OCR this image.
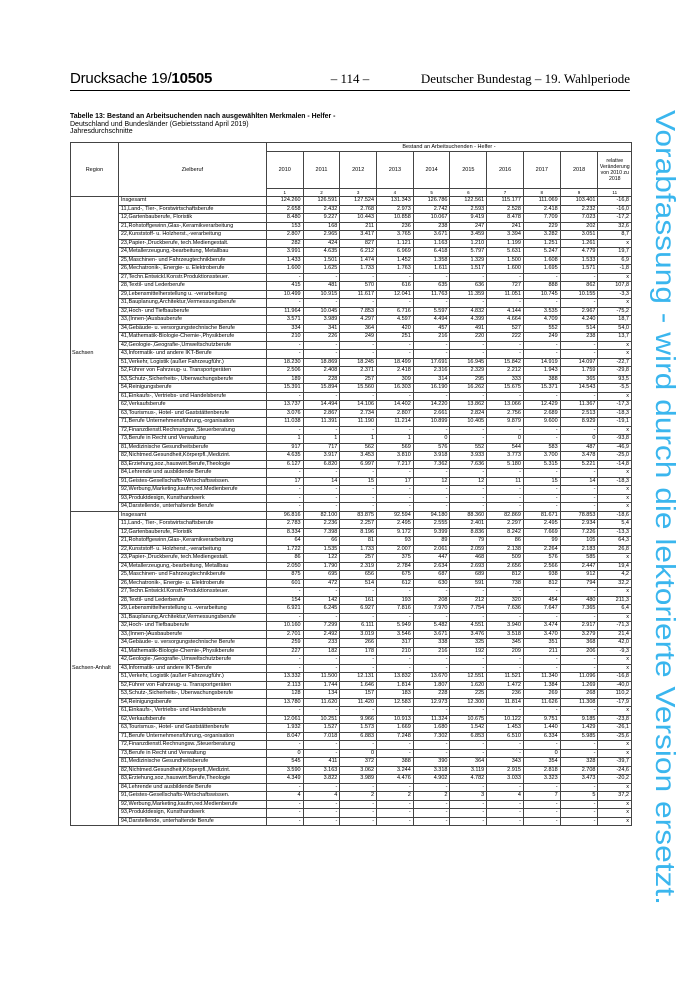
Drucksache 19/10505	– 114 –	Deutscher Bundestag – 19. Wahlperiode
Vorabfassung - wird durch die lektorierte Version ersetzt.
Tabelle 13: Bestand an Arbeitsuchenden nach ausgewählten Merkmalen - Helfer -
Deutschland und Bundesländer (Gebietsstand April 2019)
Jahresdurchschnitte
Region	Zielberuf	Bestand an Arbeitsuchenden - Helfer -									
		2010	2011	2012	2013	2014	2015	2016	2017	2018	relative Veränderung von 2010 zu 2018
		1	2	3	4	5	6	7	8	9	11
Sachsen	Insgesamt	124.260	126.591	127.524	131.343	126.786	122.561	115.177	111.069	103.401	-16,8
	11,Land-, Tier-, Forstwirtschaftsberufe	2.658	2.432	2.768	2.973	2.742	2.593	2.528	2.418	2.232	-16,0
	12,Gartenbauberufe, Floristik	8.480	9.227	10.443	10.858	10.067	9.419	8.478	7.709	7.023	-17,2
	21,Rohstoffgewinn,Glas-,Keramikverarbeitung	153	168	211	236	238	247	241	229	202	32,6
	22,Kunststoff- u. Holzherst.,-verarbeitung	2.807	2.965	3.417	3.765	3.671	3.459	3.394	3.282	3.051	8,7
	23,Papier-,Druckberufe, tech.Mediengestalt.	282	424	827	1.121	1.163	1.210	1.199	1.251	1.261	x
	24,Metallerzeugung,-bearbeitung, Metallbau	3.991	4.635	6.212	6.969	6.418	5.797	5.631	5.247	4.779	19,7
	25,Maschinen- und Fahrzeugtechnikberufe	1.433	1.501	1.474	1.452	1.358	1.329	1.500	1.608	1.533	6,9
	26,Mechatronik-, Energie- u. Elektroberufe	1.600	1.625	1.733	1.763	1.611	1.517	1.600	1.695	1.571	-1,8
	27,Techn.Entwickl.Konstr.Produktionssteuer.	-	-	-	-	-	-	-	-	-	x
	28,Textil- und Lederberufe	415	481	570	616	635	636	727	888	862	107,8
	29,Lebensmittelherstellung u. -verarbeitung	10.499	10.915	11.617	12.041	11.763	11.359	11.051	10.745	10.155	-3,3
	31,Bauplanung,Architektur,Vermessungsberufe	-	-	-	-	-	-	-	-	-	x
	32,Hoch- und Tiefbauberufe	11.964	10.045	7.853	6.716	5.597	4.832	4.144	3.535	2.967	-75,2
	33,(Innen-)Ausbauberufe	3.571	3.989	4.297	4.597	4.494	4.399	4.664	4.709	4.240	18,7
	34,Gebäude- u. versorgungstechnische Berufe	334	341	364	420	457	491	527	552	514	54,0
	41,Mathematik-Biologie-Chemie-,Physikberufe	210	226	249	251	216	220	222	249	238	13,7
	42,Geologie-,Geografie-,Umweltschutzberufe	-	-	-	-	-	-	-	-	-	x
	43,Informatik- und andere IKT-Berufe	-	-	-	-	-	-	-	-	-	x
	51,Verkehr, Logistik (außer Fahrzeugführ.)	18.230	18.869	18.245	18.499	17.691	16.945	15.842	14.919	14.097	-22,7
	52,Führer von Fahrzeug- u. Transportgeräten	2.506	2.408	2.371	2.418	2.316	2.329	2.212	1.943	1.759	-29,8
	53,Schutz-,Sicherheits-, Überwachungsberufe	189	228	257	309	314	295	333	388	365	93,5
	54,Reinigungsberufe	15.391	15.894	15.560	16.303	16.190	16.262	15.675	15.371	14.543	-5,5
	61,Einkaufs-, Vertriebs- und Handelsberufe	-	-	-	-	-	-	-	-	-	x
	62,Verkaufsberufe	13.737	14.494	14.106	14.402	14.220	13.862	13.066	12.429	11.367	-17,3
	63,Tourismus-, Hotel- und Gaststättenberufe	3.076	2.867	2.734	2.807	2.661	2.824	2.756	2.689	2.513	-18,3
	71,Berufe Unternehmensführung,-organisation	11.038	11.391	11.190	11.214	10.899	10.405	9.879	9.600	8.929	-19,1
	72,Finanzdienstl.Rechnungsw.,Steuerberatung	-	-	-	-	-	-	-	-	-	x
	73,Berufe in Recht und Verwaltung	1	1	1	1	0	-	0	-	0	-93,8
	81,Medizinische Gesundheitsberufe	917	717	562	569	576	552	544	583	487	-46,9
	82,Nichtmed.Gesundheit,Körperpfl.,Medizint.	4.635	3.917	3.453	3.810	3.918	3.933	3.773	3.700	3.478	-25,0
	83,Erziehung,soz.,hauswirt.Berufe,Theologie	6.127	6.820	6.997	7.217	7.362	7.636	5.180	5.315	5.221	-14,8
	84,Lehrende und ausbildende Berufe	-	-	-	-	-	-	-	-	-	x
	91,Geistes-Gesellschafts-Wirtschaftswissen.	17	14	15	17	12	12	11	15	14	-18,3
	92,Werbung,Marketing,kaufm,red.Medienberufe	-	-	-	-	-	-	-	-	-	x
	93,Produktdesign, Kunsthandwerk	-	-	-	-	-	-	-	-	-	x
	94,Darstellende, unterhaltende Berufe	-	-	-	-	-	-	-	-	-	x
Sachsen-Anhalt	Insgesamt	96.816	82.100	83.875	92.594	94.180	88.360	82.869	81.671	78.853	-18,6
	11,Land-, Tier-, Forstwirtschaftsberufe	2.783	2.236	2.257	2.495	2.555	2.401	2.297	2.495	2.934	5,4
	12,Gartenbauberufe, Floristik	8.334	7.398	8.196	9.172	9.399	8.836	8.242	7.669	7.226	-13,3
	21,Rohstoffgewinn,Glas-,Keramikverarbeitung	64	66	81	93	89	79	86	99	105	64,3
	22,Kunststoff- u. Holzherst.,-verarbeitung	1.722	1.535	1.733	2.007	2.061	2.059	2.138	2.264	2.183	26,8
	23,Papier-,Druckberufe, tech.Mediengestalt.	86	122	257	375	447	468	509	576	585	x
	24,Metallerzeugung,-bearbeitung, Metallbau	2.050	1.790	2.319	2.784	2.634	2.693	2.656	2.566	2.447	19,4
	25,Maschinen- und Fahrzeugtechnikberufe	875	695	656	675	687	689	812	938	912	4,2
	26,Mechatronik-, Energie- u. Elektroberufe	601	472	514	612	630	591	738	812	794	32,2
	27,Techn.Entwickl.Konstr.Produktionssteuer.	-	-	-	-	-	-	-	-	-	x
	28,Textil- und Lederberufe	154	142	161	193	208	212	320	454	480	211,3
	29,Lebensmittelherstellung u. -verarbeitung	6.921	6.245	6.927	7.816	7.970	7.754	7.636	7.647	7.365	6,4
	31,Bauplanung,Architektur,Vermessungsberufe	-	-	-	-	-	-	-	-	-	x
	32,Hoch- und Tiefbauberufe	10.160	7.299	6.111	5.949	5.482	4.551	3.940	3.474	2.917	-71,3
	33,(Innen-)Ausbauberufe	2.701	2.492	3.019	3.546	3.671	3.476	3.518	3.470	3.279	21,4
	34,Gebäude- u. versorgungstechnische Berufe	259	233	266	317	338	325	345	351	368	42,0
	41,Mathematik-Biologie-Chemie-,Physikberufe	227	182	178	210	216	192	209	211	206	-9,3
	42,Geologie-,Geografie-,Umweltschutzberufe	-	-	-	-	-	-	-	-	-	x
	43,Informatik- und andere IKT-Berufe	-	-	-	-	-	-	-	-	-	x
	51,Verkehr, Logistik (außer Fahrzeugführ.)	13.332	11.500	12.131	13.832	13.670	12.551	11.521	11.340	11.096	-16,8
	52,Führer von Fahrzeug- u. Transportgeräten	2.113	1.744	1.646	1.814	1.807	1.620	1.472	1.384	1.269	-40,0
	53,Schutz-,Sicherheits-, Überwachungsberufe	128	134	157	183	228	225	236	269	268	110,2
	54,Reinigungsberufe	13.780	11.620	11.420	12.583	12.973	12.300	11.814	11.626	11.308	-17,9
	61,Einkaufs-, Vertriebs- und Handelsberufe	-	-	-	-	-	-	-	-	-	x
	62,Verkaufsberufe	12.061	10.251	9.966	10.913	11.324	10.675	10.122	9.751	9.185	-23,8
	63,Tourismus-, Hotel- und Gaststättenberufe	1.932	1.527	1.573	1.669	1.680	1.542	1.453	1.440	1.429	-26,1
	71,Berufe Unternehmensführung,-organisation	8.047	7.018	6.883	7.248	7.302	6.853	6.510	6.334	5.985	-25,6
	72,Finanzdienstl.Rechnungsw.,Steuerberatung	-	-	-	-	-	-	-	-	-	x
	73,Berufe in Recht und Verwaltung	0	-	0	-	-	-	-	0	-	x
	81,Medizinische Gesundheitsberufe	545	411	372	388	390	364	343	354	328	-39,7
	82,Nichtmed.Gesundheit,Körperpfl.,Medizint.	3.590	3.163	3.062	3.244	3.318	3.119	2.915	2.818	2.708	-24,6
	83,Erziehung,soz.,hauswirt.Berufe,Theologie	4.349	3.822	3.989	4.476	4.902	4.782	3.033	3.323	3.473	-20,2
	84,Lehrende und ausbildende Berufe	-	-	-	-	-	-	-	-	-	x
	91,Geistes-Gesellschafts-Wirtschaftswissen.	4	4	2	2	2	3	4	7	5	37,2
	92,Werbung,Marketing,kaufm,red.Medienberufe	-	-	-	-	-	-	-	-	-	x
	93,Produktdesign, Kunsthandwerk	-	-	-	-	-	-	-	-	-	x
	94,Darstellende, unterhaltende Berufe	-	-	-	-	-	-	-	-	-	x
